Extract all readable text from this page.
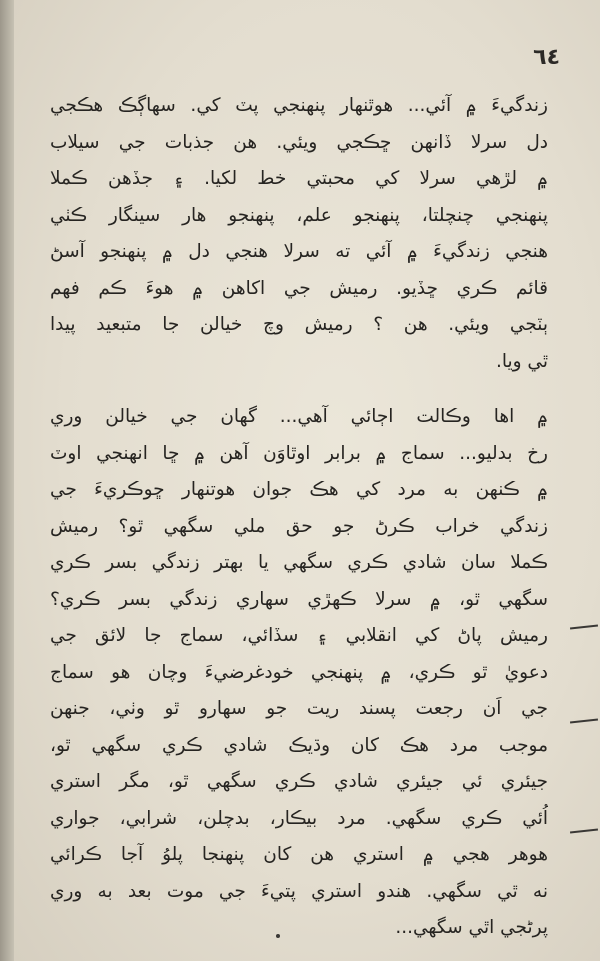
٦٤
زندگيءَ ۾ آئي... هوٿنهار پنهنجي پٽ کي. سهاڳڪ هڪجي
دل سرلا ڏانهن ڇڪجي ويئي. هن جذبات جي سيلاب
۾ لڙهي سرلا کي محبتي خط لکيا. ۽ جڏهن ڪملا
پنهنجي چنچلتا، پنهنجو علم، پنهنجو هار سينگار ڪٺي
هنجي زندگيءَ ۾ آئي ته سرلا هنجي دل ۾ پنهنجو آسڻ
قائم ڪري ڇڏيو. رميش جي اکاهن ۾ هوءَ ڪم فهم
ٻٽجي ويئي. هن ؟ رميش وچ خيالن جا متبعيد پيدا
ٿي ويا.
۾ اها وڪالت اڄائي آهي... گهان جي خيالن وري
رخ بدليو... سماج ۾ برابر اوٿاوَن آهن ۾ ڇا انهنجي اوٽ
۾ ڪنهن به مرد کي هڪ جوان هوتنهار ڇوڪريءَ جي
زندگي خراب ڪرڻ جو حق ملي سگهي ٿو؟ رميش
ڪملا سان شادي ڪري سگهي يا بهتر زندگي بسر ڪري
سگهي ٿو، ۾ سرلا ڪهڙي سهاري زندگي بسر ڪري؟
رميش پاڻ کي انقلابي ۽ سڏائي، سماج جا لائق جي
دعويٰ ٿو ڪري، ۾ پنهنجي خودغرضيءَ وچان هو سماج
جي اَن رجعت پسند ريت جو سهارو ٿو وٺي، جنهن
موجب مرد هڪ کان وڌيڪ شادي ڪري سگهي ٿو،
جيئري ئي جيئري شادي ڪري سگهي ٿو، مگر استري
اُئي ڪري سگهي. مرد بيڪار، بدچلن، شرابي، جواري
هوهر هجي ۾ استري هن کان پنهنجا پلوُ آجا ڪرائي
نه ٿي سگهي. هندو استري پتيءَ جي موت بعد به وري
پرڻجي اٿي سگهي...
